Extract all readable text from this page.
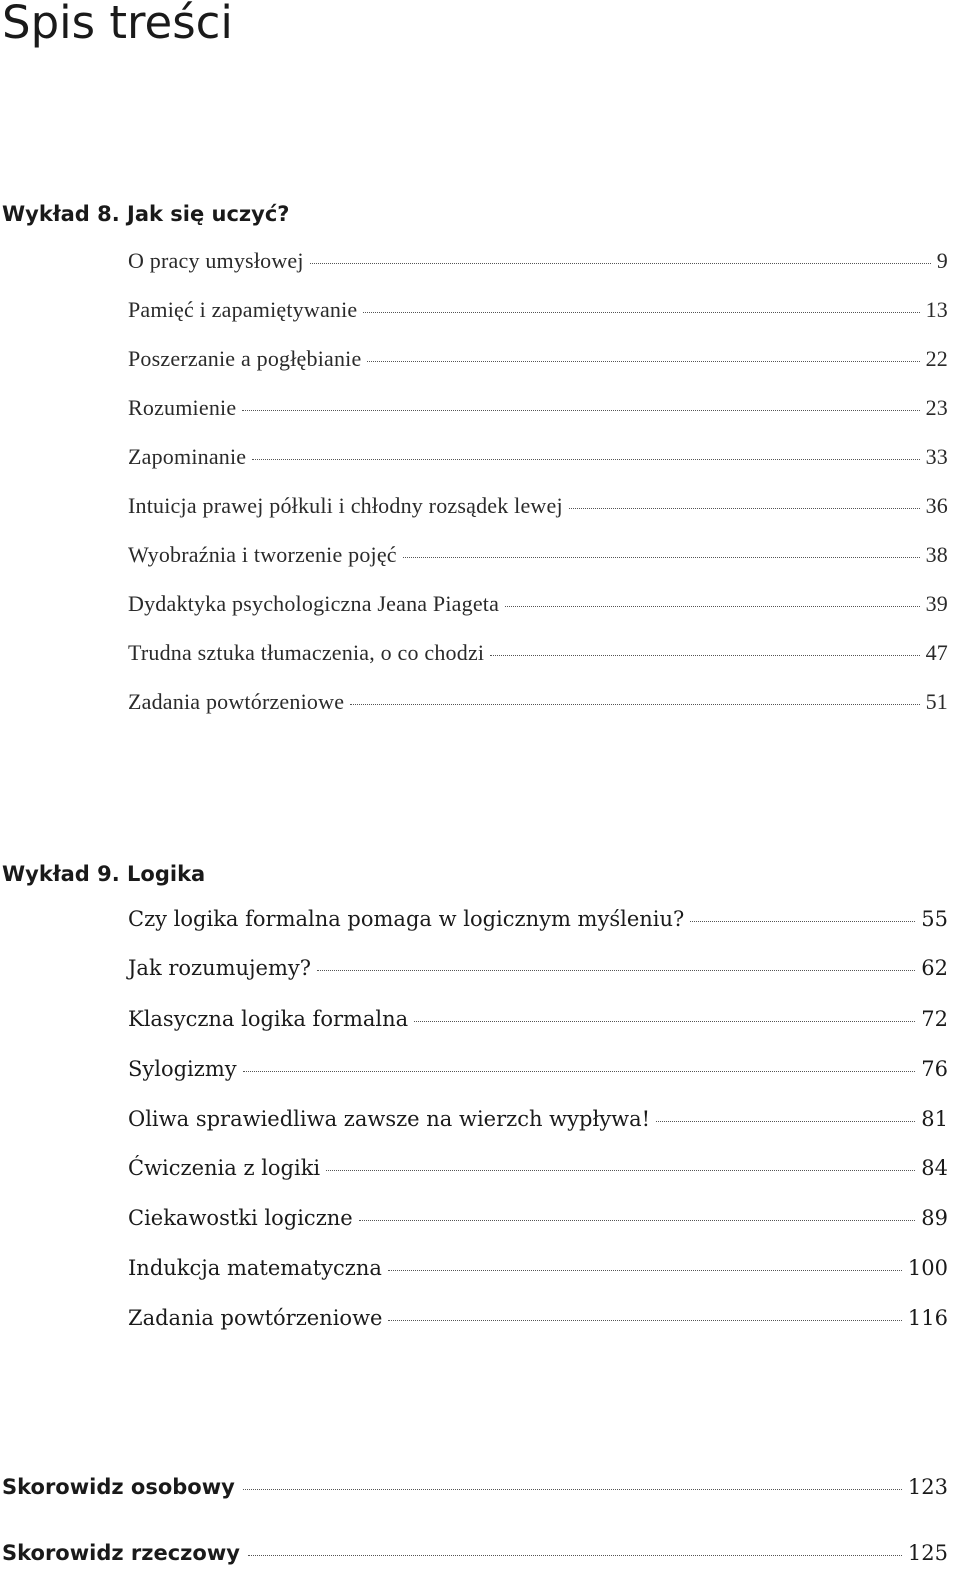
Spis treści
Wykład 8. Jak się uczyć?
O pracy umysłowej	9
Pamięć i zapamiętywanie	13
Poszerzanie a pogłębianie	22
Rozumienie	23
Zapominanie	33
Intuicja prawej półkuli i chłodny rozsądek lewej	36
Wyobraźnia i tworzenie pojęć	38
Dydaktyka psychologiczna Jeana Piageta	39
Trudna sztuka tłumaczenia, o co chodzi	47
Zadania powtórzeniowe	51
Wykład 9. Logika
Czy logika formalna pomaga w logicznym myśleniu?	55
Jak rozumujemy?	62
Klasyczna logika formalna	72
Sylogizmy	76
Oliwa sprawiedliwa zawsze na wierzch wypływa!	81
Ćwiczenia z logiki	84
Ciekawostki logiczne	89
Indukcja matematyczna	100
Zadania powtórzeniowe	116
Skorowidz osobowy	123
Skorowidz rzeczowy	125
